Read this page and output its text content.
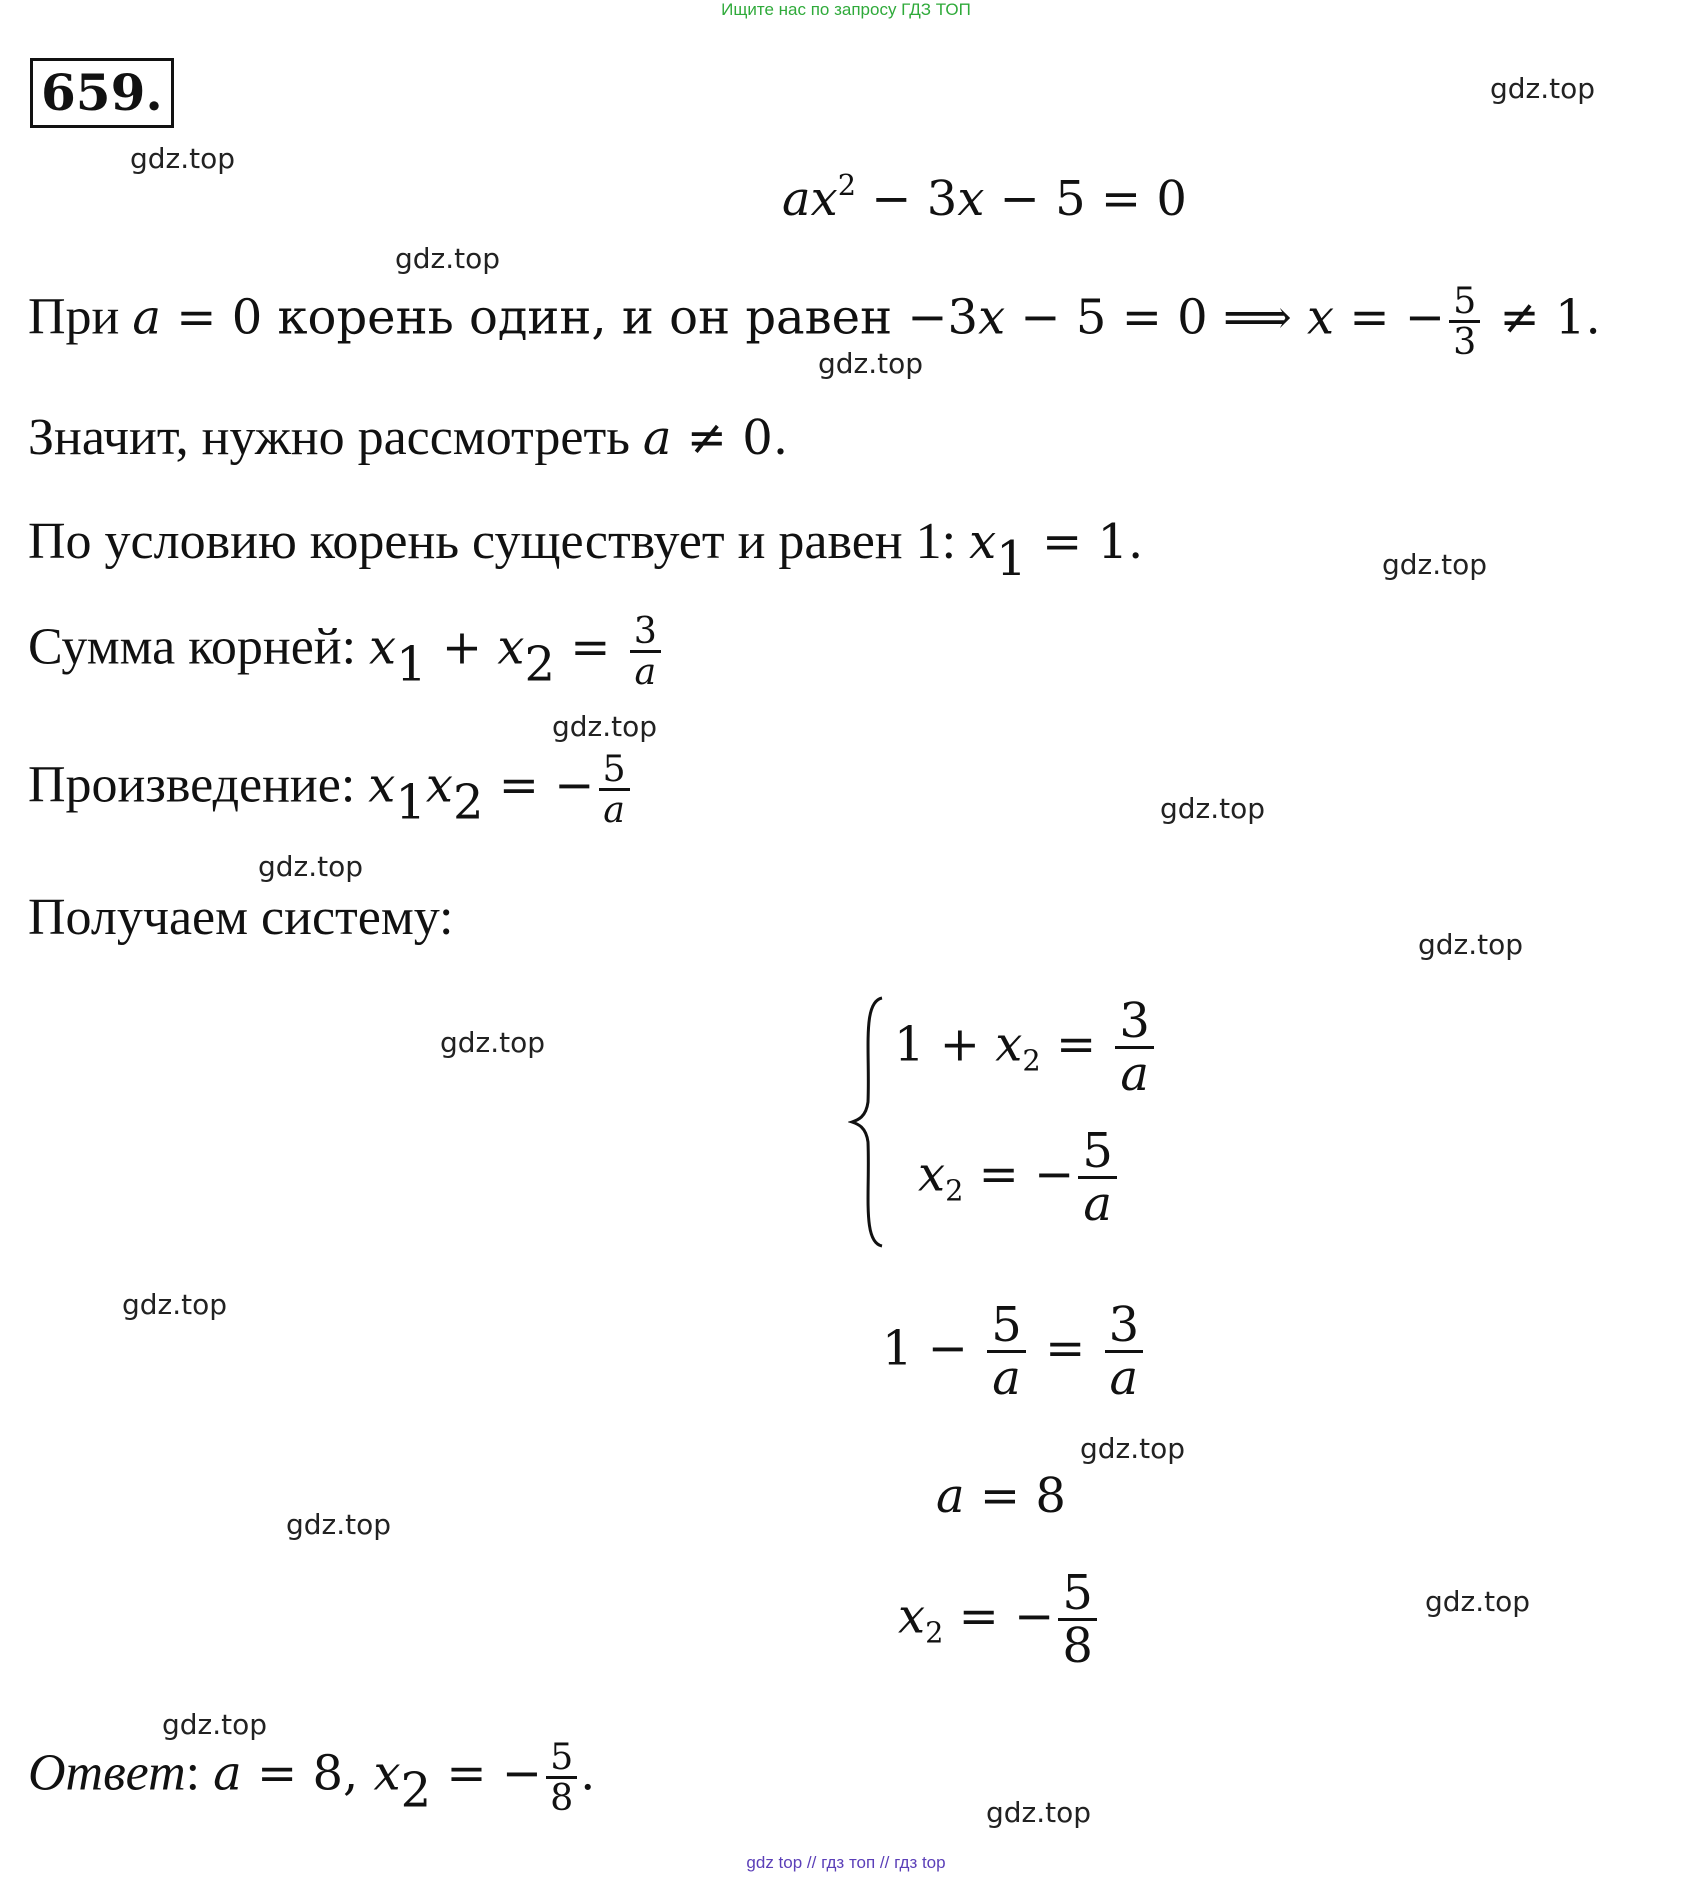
Ищите нас по запросу ГДЗ ТОП
659.	gdz.top
gdz.top
gdz.top
gdz.top
gdz.top
gdz.top
gdz.top
gdz.top
gdz.top
gdz.top
gdz.top
gdz.top
gdz.top
gdz.top
gdz.top
gdz.top
$ax^2 - 3x - 5 = 0$
При a = 0 корень один, и он равен −3x − 5 = 0 ⟹ x = − $\frac{5}{3} \ne 1$.
Значит, нужно рассмотреть a ≠ 0.
По условию корень существует и равен 1: $x_1 = 1$.
Сумма корней: $x_1 + x_2 = \frac{3}{a}$
Произведение: $x_1x_2$ = − $\frac{5}{a}$
Получаем систему:
$1 + x_2 = \frac{3}{a}$
$x_2$ = − $\frac{5}{a}$
$1 - \frac{5}{a} = \frac{3}{a}$
a = 8
$x_2$ = − $\frac{5}{8}$
Ответ: a = 8, $x_2$ = − $\frac{5}{8}$ .
gdz top // гдз топ // гдз top
